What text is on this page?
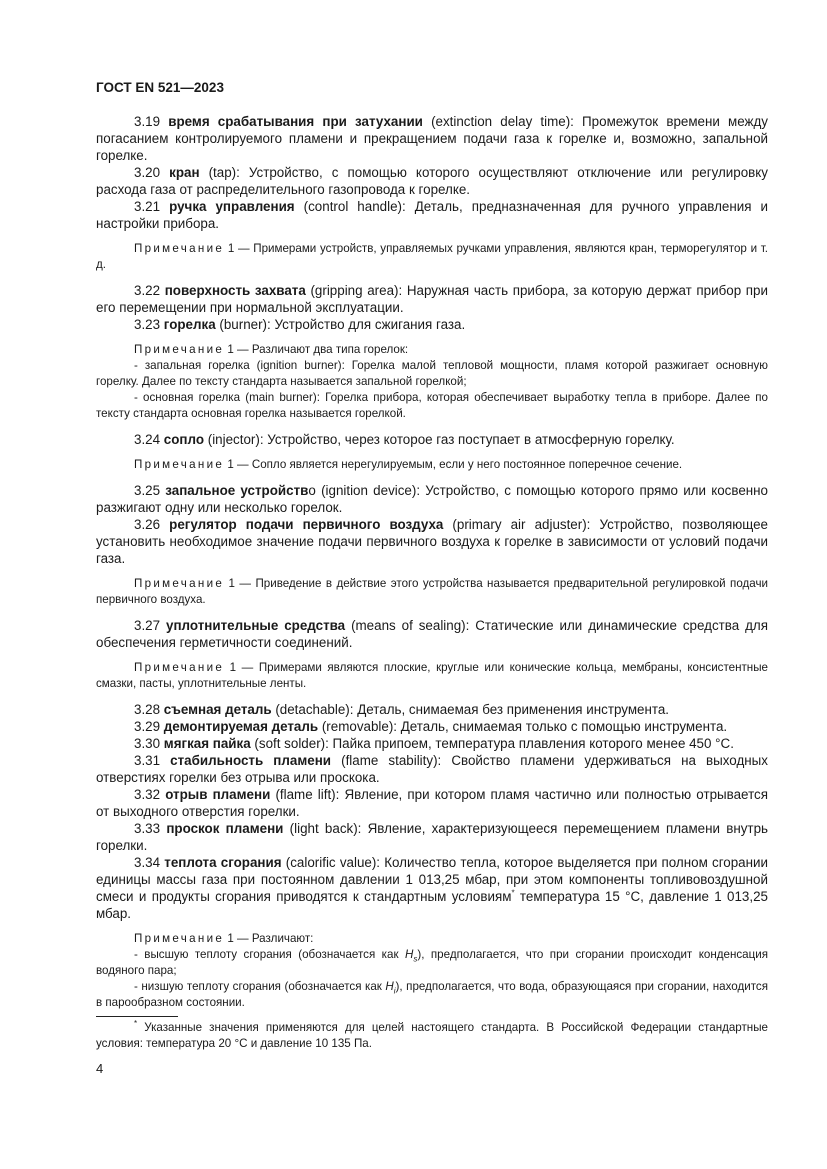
ГОСТ EN 521—2023

3.19 время срабатывания при затухании (extinction delay time): Промежуток времени между погасанием контролируемого пламени и прекращением подачи газа к горелке и, возможно, запальной горелке.

3.20 кран (tap): Устройство, с помощью которого осуществляют отключение или регулировку расхода газа от распределительного газопровода к горелке.

3.21 ручка управления (control handle): Деталь, предназначенная для ручного управления и настройки прибора.

Примечание 1 — Примерами устройств, управляемых ручками управления, являются кран, терморегулятор и т. д.

3.22 поверхность захвата (gripping area): Наружная часть прибора, за которую держат прибор при его перемещении при нормальной эксплуатации.

3.23 горелка (burner): Устройство для сжигания газа.

Примечание 1 — Различают два типа горелок:

- запальная горелка (ignition burner): Горелка малой тепловой мощности, пламя которой разжигает основную горелку. Далее по тексту стандарта называется запальной горелкой;

- основная горелка (main burner): Горелка прибора, которая обеспечивает выработку тепла в приборе. Далее по тексту стандарта основная горелка называется горелкой.

3.24 сопло (injector): Устройство, через которое газ поступает в атмосферную горелку.

Примечание 1 — Сопло является нерегулируемым, если у него постоянное поперечное сечение.

3.25 запальное устройство (ignition device): Устройство, с помощью которого прямо или косвенно разжигают одну или несколько горелок.

3.26 регулятор подачи первичного воздуха (primary air adjuster): Устройство, позволяющее установить необходимое значение подачи первичного воздуха к горелке в зависимости от условий подачи газа.

Примечание 1 — Приведение в действие этого устройства называется предварительной регулировкой подачи первичного воздуха.

3.27 уплотнительные средства (means of sealing): Статические или динамические средства для обеспечения герметичности соединений.

Примечание 1 — Примерами являются плоские, круглые или конические кольца, мембраны, консистентные смазки, пасты, уплотнительные ленты.

3.28 съемная деталь (detachable): Деталь, снимаемая без применения инструмента.

3.29 демонтируемая деталь (removable): Деталь, снимаемая только с помощью инструмента.

3.30 мягкая пайка (soft solder): Пайка припоем, температура плавления которого менее 450 °С.

3.31 стабильность пламени (flame stability): Свойство пламени удерживаться на выходных отверстиях горелки без отрыва или проскока.

3.32 отрыв пламени (flame lift): Явление, при котором пламя частично или полностью отрывается от выходного отверстия горелки.

3.33 проскок пламени (light back): Явление, характеризующееся перемещением пламени внутрь горелки.

3.34 теплота сгорания (calorific value): Количество тепла, которое выделяется при полном сгорании единицы массы газа при постоянном давлении 1 013,25 мбар, при этом компоненты топливовоздушной смеси и продукты сгорания приводятся к стандартным условиям* температура 15 °С, давление 1 013,25 мбар.

Примечание 1 — Различают:

- высшую теплоту сгорания (обозначается как $H_s$), предполагается, что при сгорании происходит конденсация водяного пара;

- низшую теплоту сгорания (обозначается как $H_i$), предполагается, что вода, образующаяся при сгорании, находится в парообразном состоянии.

* Указанные значения применяются для целей настоящего стандарта. В Российской Федерации стандартные условия: температура 20 °С и давление 10 135 Па.
4
